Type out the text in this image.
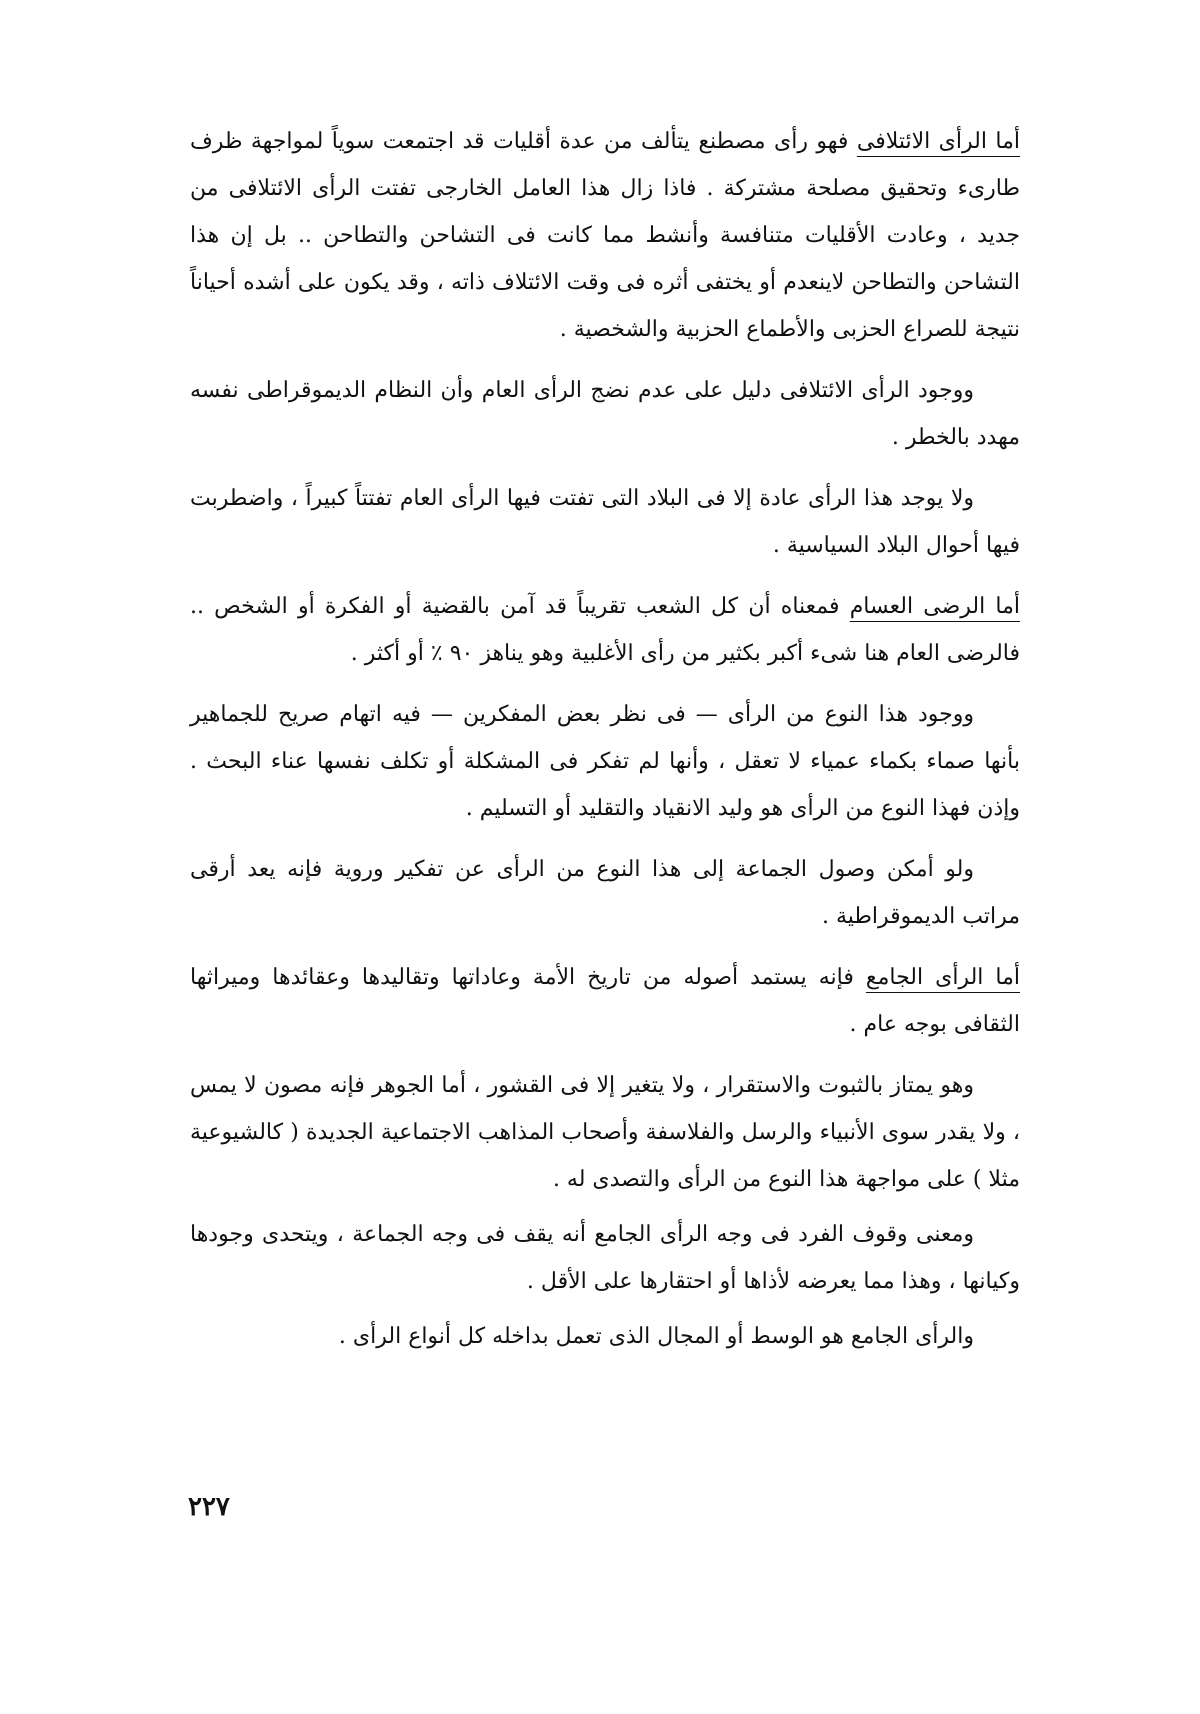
أما الرأى الائتلافى فهو رأى مصطنع يتألف من عدة أقليات قد اجتمعت سوياً لمواجهة ظرف طارىء وتحقيق مصلحة مشتركة . فاذا زال هذا العامل الخارجى تفتت الرأى الائتلافى من جديد ، وعادت الأقليات متنافسة وأنشط مما كانت فى التشاحن والتطاحن .. بل إن هذا التشاحن والتطاحن لاينعدم أو يختفى أثره فى وقت الائتلاف ذاته ، وقد يكون على أشده أحياناً نتيجة للصراع الحزبى والأطماع الحزبية والشخصية .

ووجود الرأى الائتلافى دليل على عدم نضج الرأى العام وأن النظام الديموقراطى نفسه مهدد بالخطر .

ولا يوجد هذا الرأى عادة إلا فى البلاد التى تفتت فيها الرأى العام تفتتاً كبيراً ، واضطربت فيها أحوال البلاد السياسية .

أما الرضى العسام فمعناه أن كل الشعب تقريباً قد آمن بالقضية أو الفكرة أو الشخص .. فالرضى العام هنا شىء أكبر بكثير من رأى الأغلبية وهو يناهز ٩٠ ٪ أو أكثر .

ووجود هذا النوع من الرأى — فى نظر بعض المفكرين — فيه اتهام صريح للجماهير بأنها صماء بكماء عمياء لا تعقل ، وأنها لم تفكر فى المشكلة أو تكلف نفسها عناء البحث . وإذن فهذا النوع من الرأى هو وليد الانقياد والتقليد أو التسليم .

ولو أمكن وصول الجماعة إلى هذا النوع من الرأى عن تفكير وروية فإنه يعد أرقى مراتب الديموقراطية .

أما الرأى الجامع فإنه يستمد أصوله من تاريخ الأمة وعاداتها وتقاليدها وعقائدها وميراثها الثقافى بوجه عام .

وهو يمتاز بالثبوت والاستقرار ، ولا يتغير إلا فى القشور ، أما الجوهر فإنه مصون لا يمس ، ولا يقدر سوى الأنبياء والرسل والفلاسفة وأصحاب المذاهب الاجتماعية الجديدة ( كالشيوعية مثلا ) على مواجهة هذا النوع من الرأى والتصدى له .

ومعنى وقوف الفرد فى وجه الرأى الجامع أنه يقف فى وجه الجماعة ، ويتحدى وجودها وكيانها ، وهذا مما يعرضه لأذاها أو احتقارها على الأقل .

والرأى الجامع هو الوسط أو المجال الذى تعمل بداخله كل أنواع الرأى .

٢٢٧
